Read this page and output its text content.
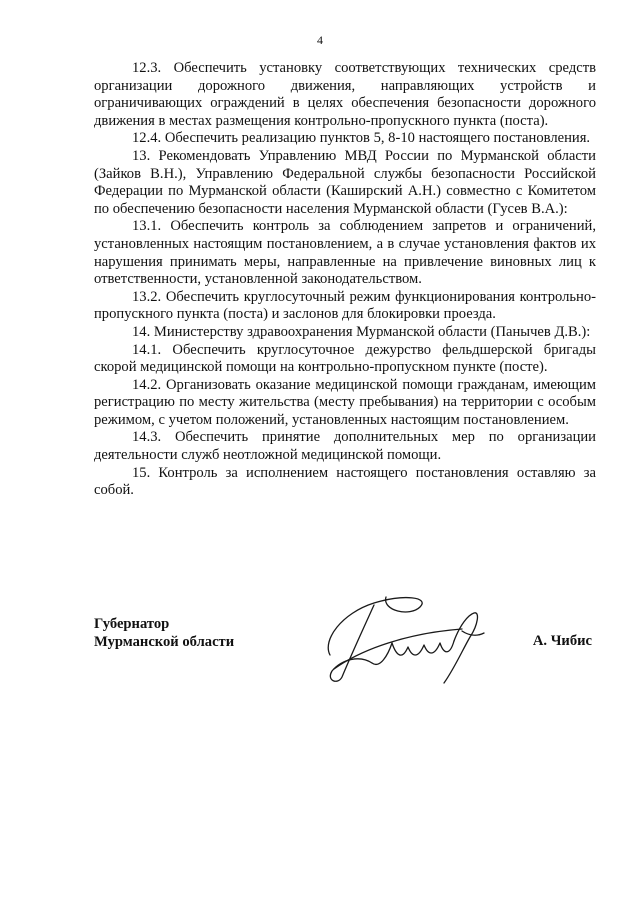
4

12.3. Обеспечить установку соответствующих технических средств организации дорожного движения, направляющих устройств и ограничивающих ограждений в целях обеспечения безопасности дорожного движения в местах размещения контрольно-пропускного пункта (поста).

12.4. Обеспечить реализацию пунктов 5, 8-10 настоящего постановления.

13. Рекомендовать Управлению МВД России по Мурманской области (Зайков В.Н.), Управлению Федеральной службы безопасности Российской Федерации по Мурманской области (Каширский А.Н.) совместно с Комитетом по обеспечению безопасности населения Мурманской области (Гусев В.А.):

13.1. Обеспечить контроль за соблюдением запретов и ограничений, установленных настоящим постановлением, а в случае установления фактов их нарушения принимать меры, направленные на привлечение виновных лиц к ответственности, установленной законодательством.

13.2. Обеспечить круглосуточный режим функционирования контрольно-пропускного пункта (поста) и заслонов для блокировки проезда.

14. Министерству здравоохранения Мурманской области (Панычев Д.В.):

14.1. Обеспечить круглосуточное дежурство фельдшерской бригады скорой медицинской помощи на контрольно-пропускном пункте (посте).

14.2. Организовать оказание медицинской помощи гражданам, имеющим регистрацию по месту жительства (месту пребывания) на территории с особым режимом, с учетом положений, установленных настоящим постановлением.

14.3. Обеспечить принятие дополнительных мер по организации деятельности служб неотложной медицинской помощи.

15. Контроль за исполнением настоящего постановления оставляю за собой.

Губернатор
Мурманской области	А. Чибис
